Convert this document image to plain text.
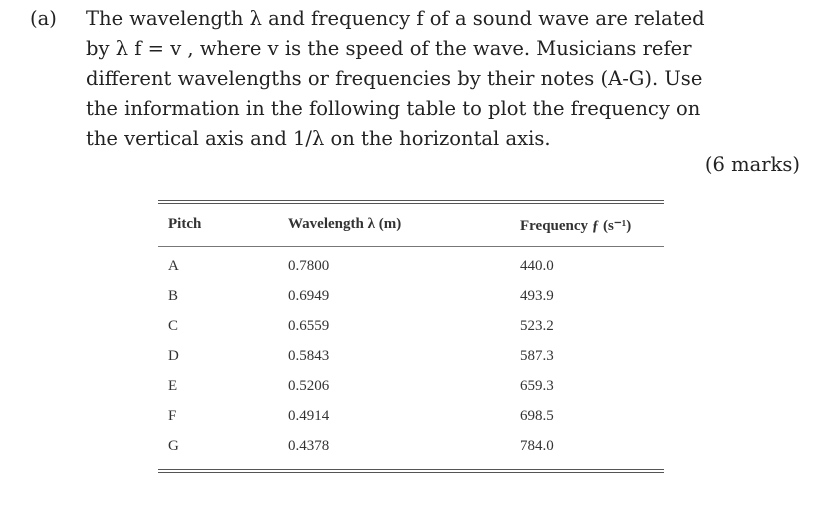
(a) The wavelength λ and frequency f of a sound wave are related
by λ f = v , where v is the speed of the wave. Musicians refer
different wavelengths or frequencies by their notes (A-G). Use
the information in the following table to plot the frequency on
the vertical axis and 1/λ on the horizontal axis.
(6 marks)
Pitch	Wavelength λ (m)	Frequency ƒ (s⁻¹)
A	0.7800	440.0
B	0.6949	493.9
C	0.6559	523.2
D	0.5843	587.3
E	0.5206	659.3
F	0.4914	698.5
G	0.4378	784.0
